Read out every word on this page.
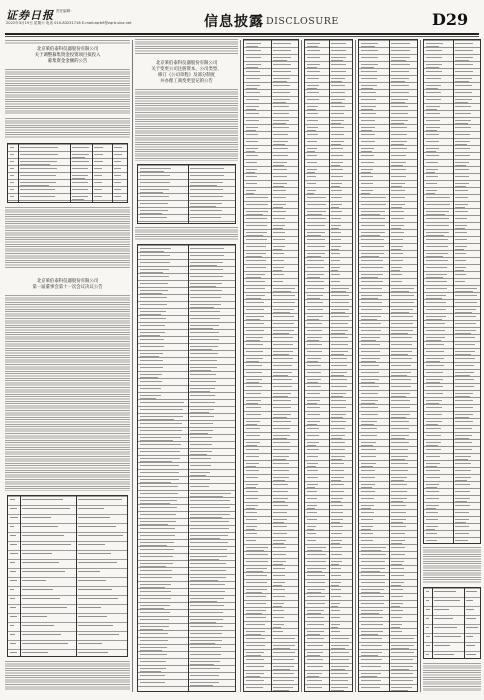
证券日报 责任编辑：
2022年3月19日 星期六 电话 010-83251716 E-mail:zqrb9@zqrb.sina.net	信息披露 DISCLOSURE	D29
北京莱伯泰科仪器股份有限公司
关于调整募集资金投资项目拟投入
募集资金金额的公告
北京莱伯泰科仪器股份有限公司
第一届董事会第十一次会议决议公告
北京莱伯泰科仪器股份有限公司
关于变更公司注册资本、公司类型、
修订《公司章程》及部分制度
并办理工商变更登记的公告
